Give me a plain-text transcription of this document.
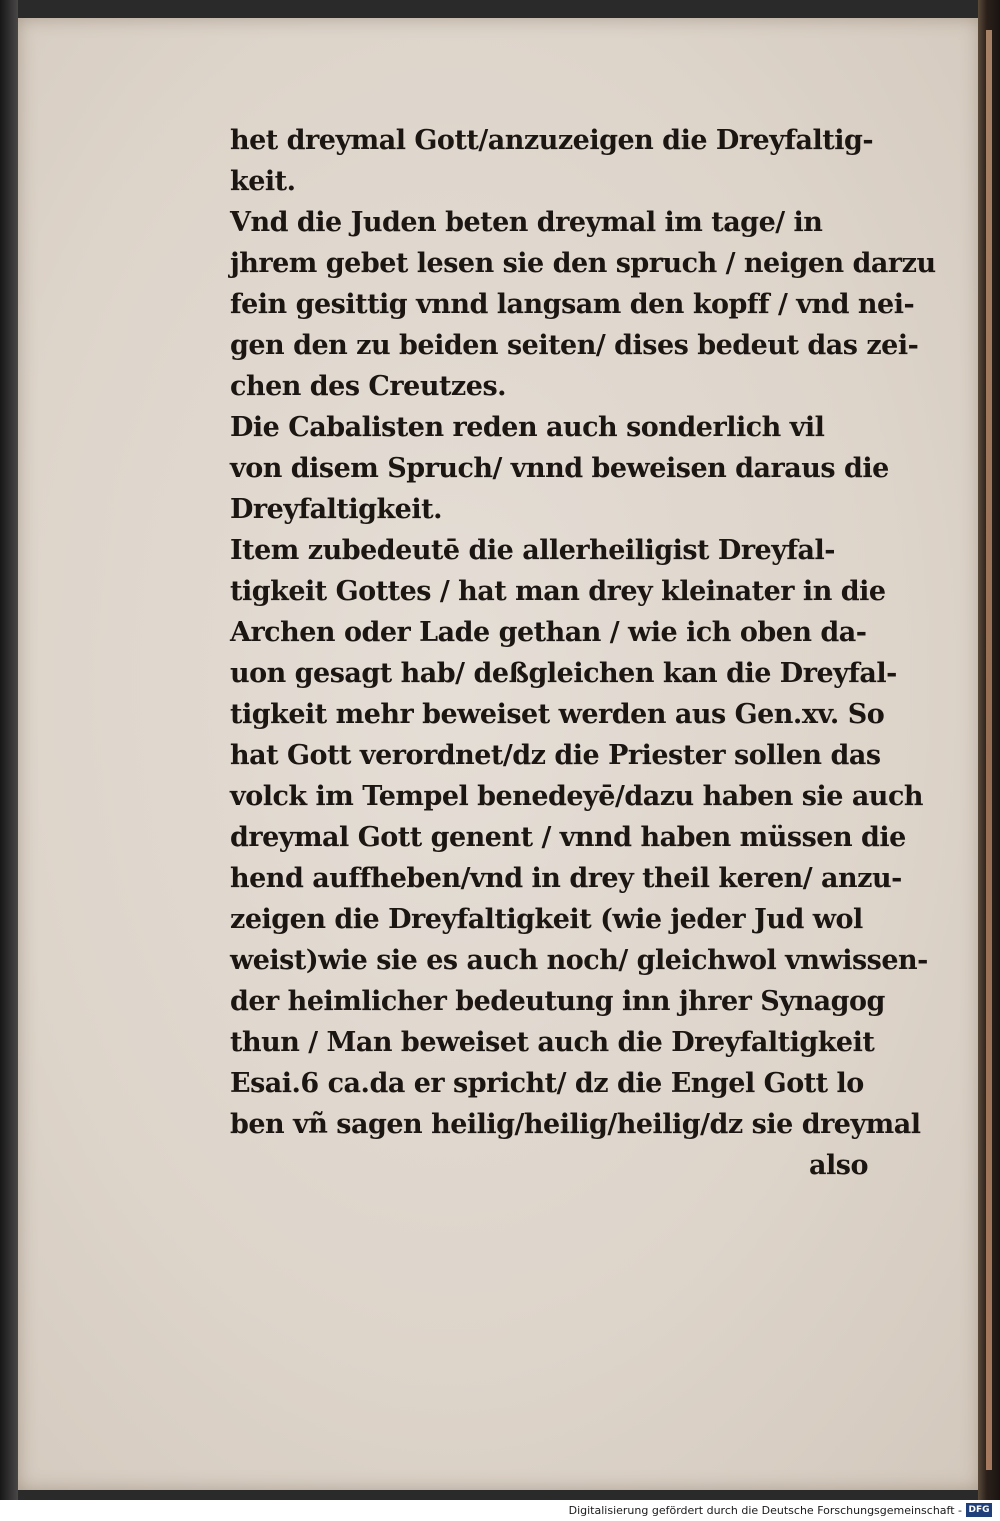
het dreymal Gott/anzuzeigen die Dreyfaltig-
keit.
Vnd die Juden beten dreymal im tage/ in
jhrem gebet lesen sie den spruch / neigen darzu
fein gesittig vnnd langsam den kopff / vnd nei-
gen den zu beiden seiten/ dises bedeut das zei-
chen des Creutzes.
Die Cabalisten reden auch sonderlich vil
von disem Spruch/ vnnd beweisen daraus die
Dreyfaltigkeit.
Item zubedeutē die allerheiligist Dreyfal-
tigkeit Gottes / hat man drey kleinater in die
Archen oder Lade gethan / wie ich oben da-
uon gesagt hab/ deßgleichen kan die Dreyfal-
tigkeit mehr beweiset werden aus Gen.xv. So
hat Gott verordnet/dz die Priester sollen das
volck im Tempel benedeyē/dazu haben sie auch
dreymal Gott genent / vnnd haben müssen die
hend auffheben/vnd in drey theil keren/ anzu-
zeigen die Dreyfaltigkeit (wie jeder Jud wol
weist)wie sie es auch noch/ gleichwol vnwissen-
der heimlicher bedeutung inn jhrer Synagog
thun / Man beweiset auch die Dreyfaltigkeit
Esai.6 ca.da er spricht/ dz die Engel Gott lo
ben vñ sagen heilig/heilig/heilig/dz sie dreymal
also
Digitalisierung gefördert durch die Deutsche Forschungsgemeinschaft - DFG
